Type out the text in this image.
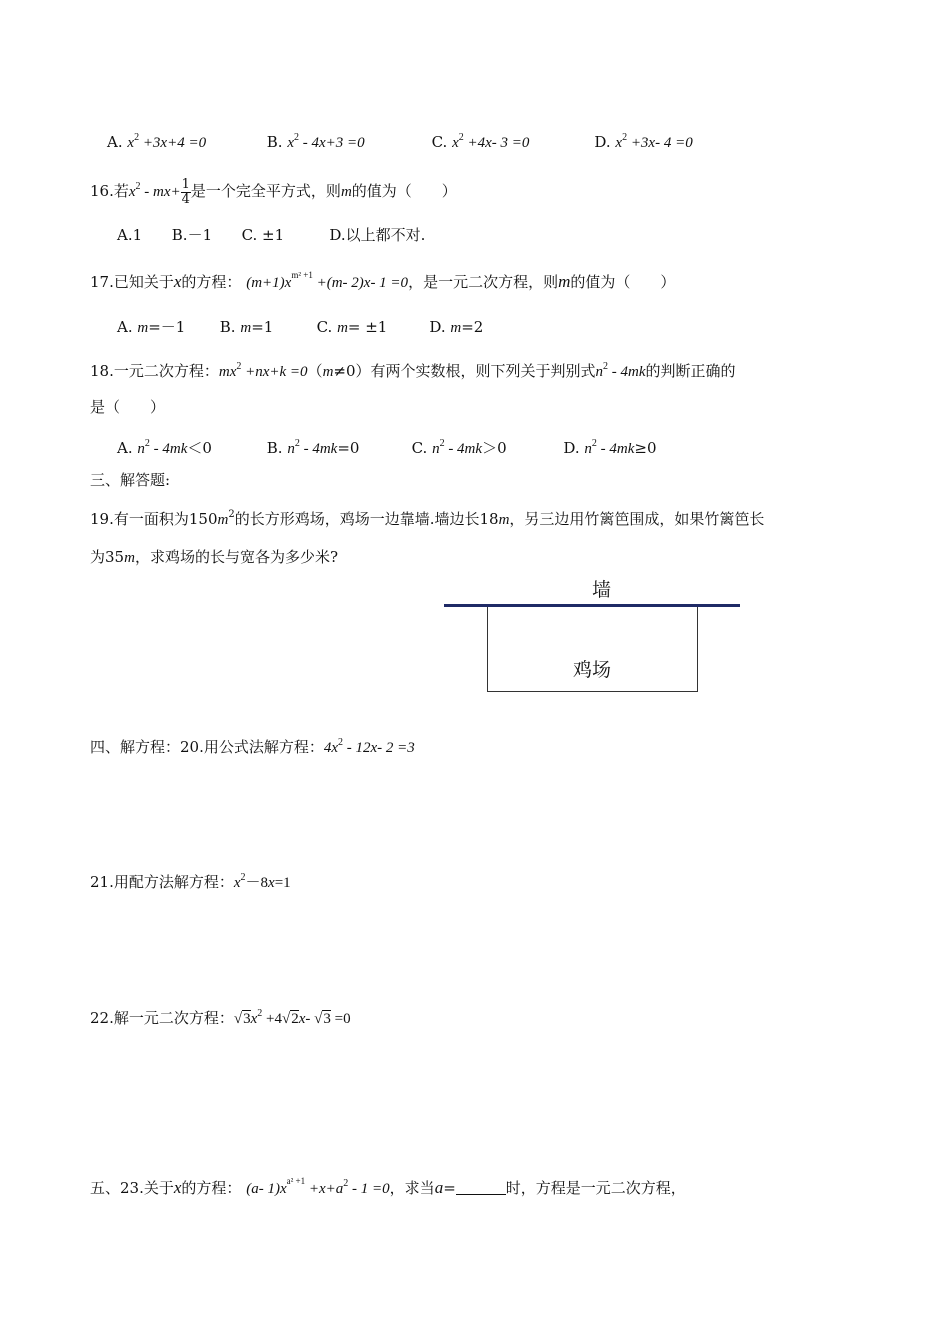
A. $x^2 +3x+4 =0$	B. $x^2 - 4x+3 =0$	C. $x^2 +4x-$ 3 =0	D. $x^2 +3x-$ 4 =0
16.若$x^2 - mx+ \frac{1}{4}$ 是一个完全平方式，则m的值为（　　）
A.1 B.－1 C. ±1	D.以上都不对.
17.已知关于x的方程： $(m+1)x^{m^2 +1} +(m-$ 2)x- 1 =0，是一元二次方程，则m的值为（　　）
A. m=－1 B. m=1	C. m= ±1	D. m=2
18.一元二次方程：$mx^2 +nx+k =0(m\ne 0)$有两个实数根，则下列关于判别式$n^2 - 4mk$的判断正确的
是（　　）
A. $n^2 - 4mk<0$	B. $n^2 - 4mk=0$	C. $n^2 - 4mk>0$	D. $n^2 - 4mk\ge 0$
三、解答题:
19.有一面积为$150m^2$的长方形鸡场，鸡场一边靠墙.墙边长18m，另三边用竹篱笆围成，如果竹篱笆长
为35m，求鸡场的长与宽各为多少米?
墙
鸡场
四、解方程：20.用公式法解方程：$4x^2 - 12x-$ 2 =3
21.用配方法解方程：$x^2-8x=1$
22.解一元二次方程：$√3x^2 +4√2x-$ √3 =0
五、23.关于x的方程： (a- $1)x^{a^2 +1} +x+a^2 - 1 =0$，求当a=	时，方程是一元二次方程，
